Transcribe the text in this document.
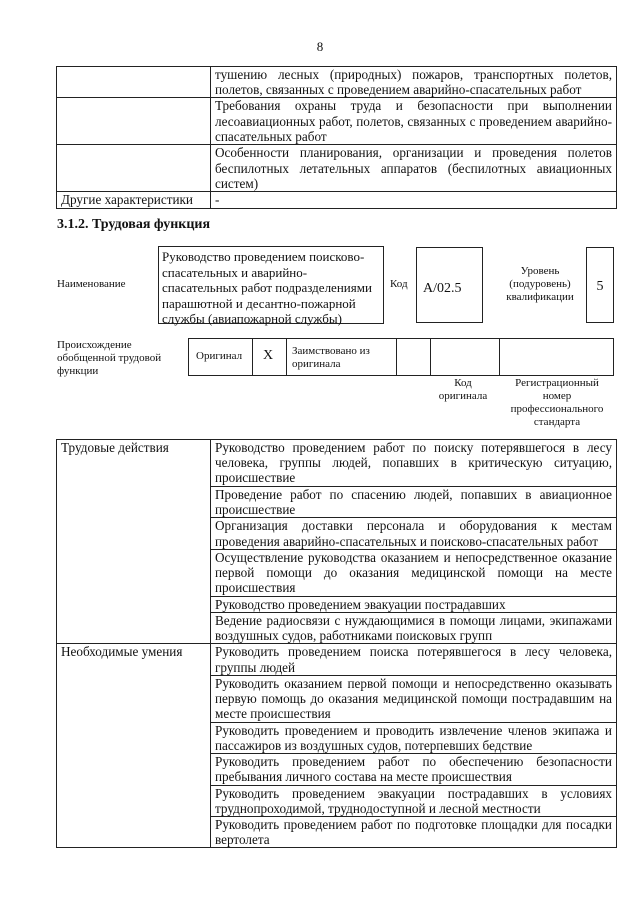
8
	тушению лесных (природных) пожаров, транспортных полетов, полетов, связанных с проведением аварийно-спасательных работ
	Требования охраны труда и безопасности при выполнении лесоавиационных работ, полетов, связанных с проведением аварийно-спасательных работ
	Особенности планирования, организации и проведения полетов беспилотных летательных аппаратов (беспилотных авиационных систем)
Другие характеристики	-
3.1.2. Трудовая функция
Наименование
Руководство проведением поисково-спасательных и аварийно-спасательных работ подразделениями парашютной и десантно-пожарной службы (авиапожарной службы)
Код	А/02.5
Уровень (подуровень) квалификации
5
Происхождение обобщенной трудовой функции
Оригинал X Заимствовано из оригинала
Код оригинала
Регистрационный номер профессионального стандарта
Трудовые действия	Руководство проведением работ по поиску потерявшегося в лесу человека, группы людей, попавших в критическую ситуацию, происшествие
	Проведение работ по спасению людей, попавших в авиационное происшествие
	Организация доставки персонала и оборудования к местам проведения аварийно-спасательных и поисково-спасательных работ
	Осуществление руководства оказанием и непосредственное оказание первой помощи до оказания медицинской помощи на месте происшествия
	Руководство проведением эвакуации пострадавших
	Ведение радиосвязи с нуждающимися в помощи лицами, экипажами воздушных судов, работниками поисковых групп
Необходимые умения	Руководить проведением поиска потерявшегося в лесу человека, группы людей
	Руководить оказанием первой помощи и непосредственно оказывать первую помощь до оказания медицинской помощи пострадавшим на месте происшествия
	Руководить проведением и проводить извлечение членов экипажа и пассажиров из воздушных судов, потерпевших бедствие
	Руководить проведением работ по обеспечению безопасности пребывания личного состава на месте происшествия
	Руководить проведением эвакуации пострадавших в условиях труднопроходимой, труднодоступной и лесной местности
	Руководить проведением работ по подготовке площадки для посадки вертолета
